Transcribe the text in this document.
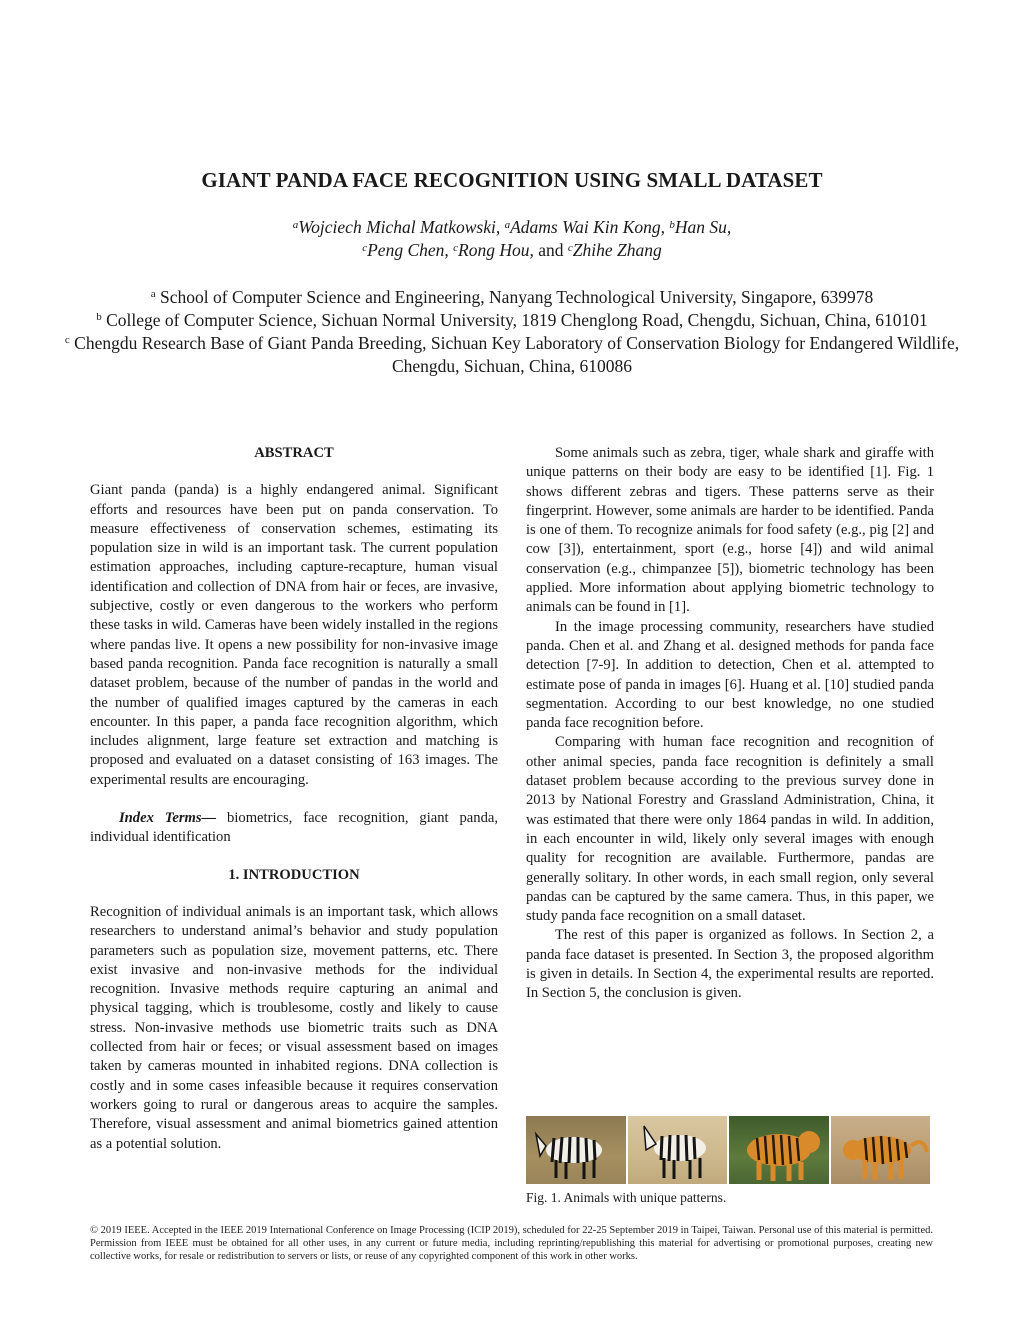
GIANT PANDA FACE RECOGNITION USING SMALL DATASET
$^a$Wojciech Michal Matkowski, $^a$Adams Wai Kin Kong, $^b$Han Su,
$^c$Peng Chen, $^c$Rong Hou, and $^c$Zhihe Zhang
$^a$ School of Computer Science and Engineering, Nanyang Technological University, Singapore, 639978
$^b$ College of Computer Science, Sichuan Normal University, 1819 Chenglong Road, Chengdu, Sichuan, China, 610101
$^c$ Chengdu Research Base of Giant Panda Breeding, Sichuan Key Laboratory of Conservation Biology for Endangered Wildlife, Chengdu, Sichuan, China, 610086

ABSTRACT

Giant panda (panda) is a highly endangered animal. Significant efforts and resources have been put on panda conservation. To measure effectiveness of conservation schemes, estimating its population size in wild is an important task. The current population estimation approaches, including capture-recapture, human visual identification and collection of DNA from hair or feces, are invasive, subjective, costly or even dangerous to the workers who perform these tasks in wild. Cameras have been widely installed in the regions where pandas live. It opens a new possibility for non-invasive image based panda recognition. Panda face recognition is naturally a small dataset problem, because of the number of pandas in the world and the number of qualified images captured by the cameras in each encounter. In this paper, a panda face recognition algorithm, which includes alignment, large feature set extraction and matching is proposed and evaluated on a dataset consisting of 163 images. The experimental results are encouraging.

Index Terms— biometrics, face recognition, giant panda, individual identification

1. INTRODUCTION

Recognition of individual animals is an important task, which allows researchers to understand animal’s behavior and study population parameters such as population size, movement patterns, etc. There exist invasive and non-invasive methods for the individual recognition. Invasive methods require capturing an animal and physical tagging, which is troublesome, costly and likely to cause stress. Non-invasive methods use biometric traits such as DNA collected from hair or feces; or visual assessment based on images taken by cameras mounted in inhabited regions. DNA collection is costly and in some cases infeasible because it requires conservation workers going to rural or dangerous areas to acquire the samples. Therefore, visual assessment and animal biometrics gained attention as a potential solution.

Some animals such as zebra, tiger, whale shark and giraffe with unique patterns on their body are easy to be identified [1]. Fig. 1 shows different zebras and tigers. These patterns serve as their fingerprint. However, some animals are harder to be identified. Panda is one of them. To recognize animals for food safety (e.g., pig [2] and cow [3]), entertainment, sport (e.g., horse [4]) and wild animal conservation (e.g., chimpanzee [5]), biometric technology has been applied. More information about applying biometric technology to animals can be found in [1].

In the image processing community, researchers have studied panda. Chen et al. and Zhang et al. designed methods for panda face detection [7-9]. In addition to detection, Chen et al. attempted to estimate pose of panda in images [6]. Huang et al. [10] studied panda segmentation. According to our best knowledge, no one studied panda face recognition before.

Comparing with human face recognition and recognition of other animal species, panda face recognition is definitely a small dataset problem because according to the previous survey done in 2013 by National Forestry and Grassland Administration, China, it was estimated that there were only 1864 pandas in wild. In addition, in each encounter in wild, likely only several images with enough quality for recognition are available. Furthermore, pandas are generally solitary. In other words, in each small region, only several pandas can be captured by the same camera. Thus, in this paper, we study panda face recognition on a small dataset.

The rest of this paper is organized as follows. In Section 2, a panda face dataset is presented. In Section 3, the proposed algorithm is given in details. In Section 4, the experimental results are reported. In Section 5, the conclusion is given.

Fig. 1. Animals with unique patterns.
© 2019 IEEE. Accepted in the IEEE 2019 International Conference on Image Processing (ICIP 2019), scheduled for 22-25 September 2019 in Taipei, Taiwan. Personal use of this material is permitted. Permission from IEEE must be obtained for all other uses, in any current or future media, including reprinting/republishing this material for advertising or promotional purposes, creating new collective works, for resale or redistribution to servers or lists, or reuse of any copyrighted component of this work in other works.
